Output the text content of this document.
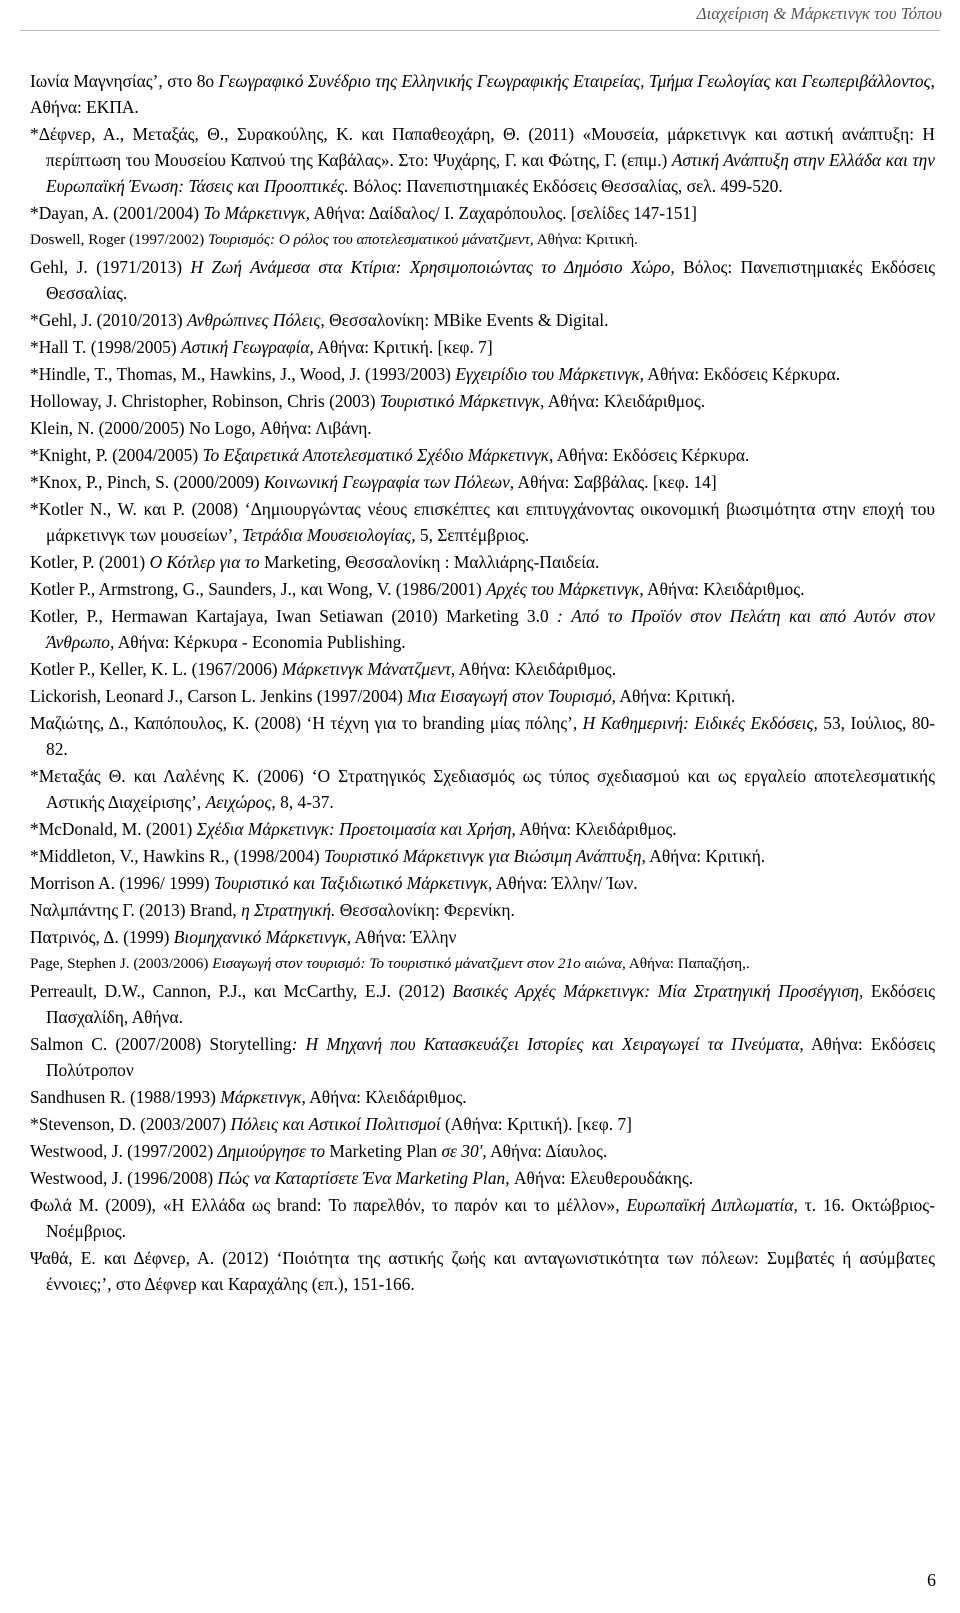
Διαχείριση & Μάρκετινγκ του Τόπου
Ιωνία Μαγνησίας’, στο 8ο Γεωγραφικό Συνέδριο της Ελληνικής Γεωγραφικής Εταιρείας, Τμήμα Γεωλογίας και Γεωπεριβάλλοντος, Αθήνα: ΕΚΠΑ.
*Δέφνερ, Α., Μεταξάς, Θ., Συρακούλης, Κ. και Παπαθεοχάρη, Θ. (2011) «Μουσεία, μάρκετινγκ και αστική ανάπτυξη: Η περίπτωση του Μουσείου Καπνού της Καβάλας». Στο: Ψυχάρης, Γ. και Φώτης, Γ. (επιμ.) Αστική Ανάπτυξη στην Ελλάδα και την Ευρωπαϊκή Ένωση: Τάσεις και Προοπτικές. Βόλος: Πανεπιστημιακές Εκδόσεις Θεσσαλίας, σελ. 499-520.
*Dayan, A. (2001/2004) Το Μάρκετινγκ, Αθήνα: Δαίδαλος/ Ι. Ζαχαρόπουλος. [σελίδες 147-151]
Doswell, Roger (1997/2002) Τουρισμός: Ο ρόλος του αποτελεσματικού μάνατζμεντ, Αθήνα: Κριτική.
Gehl, J. (1971/2013) Η Ζωή Ανάμεσα στα Κτίρια: Χρησιμοποιώντας το Δημόσιο Χώρο, Βόλος: Πανεπιστημιακές Εκδόσεις Θεσσαλίας.
*Gehl, J. (2010/2013) Ανθρώπινες Πόλεις, Θεσσαλονίκη: MBike Events & Digital.
*Hall T. (1998/2005) Αστική Γεωγραφία, Αθήνα: Κριτική. [κεφ. 7]
*Hindle, T., Thomas, M., Hawkins, J., Wood, J. (1993/2003) Εγχειρίδιο του Μάρκετινγκ, Αθήνα: Εκδόσεις Κέρκυρα.
Holloway, J. Christopher, Robinson, Chris (2003) Τουριστικό Μάρκετινγκ, Αθήνα: Κλειδάριθμος.
Klein, N. (2000/2005) No Logo, Αθήνα: Λιβάνη.
*Knight, P. (2004/2005) Το Εξαιρετικά Αποτελεσματικό Σχέδιο Μάρκετινγκ, Αθήνα: Εκδόσεις Κέρκυρα.
*Knox, P., Pinch, S. (2000/2009) Κοινωνική Γεωγραφία των Πόλεων, Αθήνα: Σαββάλας. [κεφ. 14]
*Kotler N., W. και P. (2008) ‘Δημιουργώντας νέους επισκέπτες και επιτυγχάνοντας οικονομική βιωσιμότητα στην εποχή του μάρκετινγκ των μουσείων’, Τετράδια Μουσειολογίας, 5, Σεπτέμβριος.
Kotler, P. (2001) Ο Κότλερ για το Marketing, Θεσσαλονίκη : Μαλλιάρης-Παιδεία.
Kotler P., Armstrong, G., Saunders, J., και Wong, V. (1986/2001) Αρχές του Μάρκετινγκ, Αθήνα: Κλειδάριθμος.
Kotler, P., Hermawan Kartajaya, Iwan Setiawan (2010) Marketing 3.0 : Από το Προϊόν στον Πελάτη και από Αυτόν στον Άνθρωπο, Αθήνα: Κέρκυρα - Economia Publishing.
Kotler P., Keller, K. L. (1967/2006) Μάρκετινγκ Μάνατζμεντ, Αθήνα: Κλειδάριθμος.
Lickorish, Leonard J., Carson L. Jenkins (1997/2004) Μια Εισαγωγή στον Τουρισμό, Αθήνα: Κριτική.
Μαζιώτης, Δ., Καπόπουλος, Κ. (2008) ‘Η τέχνη για το branding μίας πόλης’, Η Καθημερινή: Ειδικές Εκδόσεις, 53, Ιούλιος, 80-82.
*Μεταξάς Θ. και Λαλένης Κ. (2006) ‘Ο Στρατηγικός Σχεδιασμός ως τύπος σχεδιασμού και ως εργαλείο αποτελεσματικής Αστικής Διαχείρισης’, Αειχώρος, 8, 4-37.
*McDonald, M. (2001) Σχέδια Μάρκετινγκ: Προετοιμασία και Χρήση, Αθήνα: Κλειδάριθμος.
*Middleton, V., Hawkins R., (1998/2004) Τουριστικό Μάρκετινγκ για Βιώσιμη Ανάπτυξη, Αθήνα: Κριτική.
Morrison A. (1996/ 1999) Τουριστικό και Ταξιδιωτικό Μάρκετινγκ, Αθήνα: Έλλην/ Ίων.
Ναλμπάντης Γ. (2013) Brand, η Στρατηγική. Θεσσαλονίκη: Φερενίκη.
Πατρινός, Δ. (1999) Βιομηχανικό Μάρκετινγκ, Αθήνα: Έλλην
Page, Stephen J. (2003/2006) Εισαγωγή στον τουρισμό: Το τουριστικό μάνατζμεντ στον 21ο αιώνα, Αθήνα: Παπαζήση,.
Perreault, D.W., Cannon, P.J., και McCarthy, E.J. (2012) Βασικές Αρχές Μάρκετινγκ: Μία Στρατηγική Προσέγγιση, Εκδόσεις Πασχαλίδη, Αθήνα.
Salmon C. (2007/2008) Storytelling: Η Μηχανή που Κατασκευάζει Ιστορίες και Χειραγωγεί τα Πνεύματα, Αθήνα: Εκδόσεις Πολύτροπον
Sandhusen R. (1988/1993) Μάρκετινγκ, Αθήνα: Κλειδάριθμος.
*Stevenson, D. (2003/2007) Πόλεις και Αστικοί Πολιτισμοί (Αθήνα: Κριτική). [κεφ. 7]
Westwood, J. (1997/2002) Δημιούργησε το Marketing Plan σε 30', Αθήνα: Δίαυλος.
Westwood, J. (1996/2008) Πώς να Καταρτίσετε Ένα Marketing Plan, Αθήνα: Ελευθερουδάκης.
Φωλά Μ. (2009), «Η Ελλάδα ως brand: Το παρελθόν, το παρόν και το μέλλον», Ευρωπαϊκή Διπλωματία, τ. 16. Οκτώβριος-Νοέμβριος.
Ψαθά, Ε. και Δέφνερ, Α. (2012) ‘Ποιότητα της αστικής ζωής και ανταγωνιστικότητα των πόλεων: Συμβατές ή ασύμβατες έννοιες;’, στο Δέφνερ και Καραχάλης (επ.), 151-166.
6
